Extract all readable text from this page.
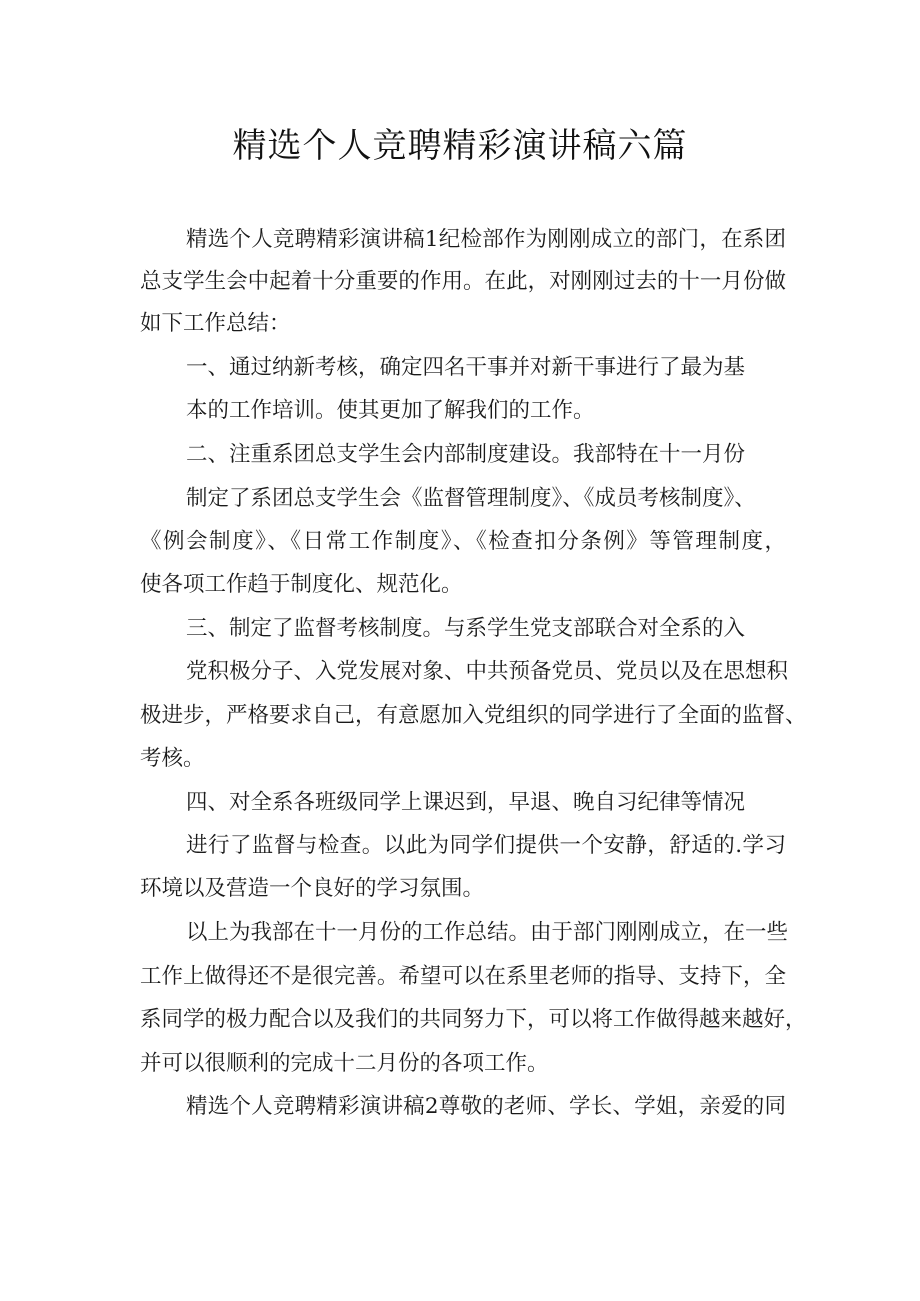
精选个人竞聘精彩演讲稿六篇
精选个人竞聘精彩演讲稿1纪检部作为刚刚成立的部门，在系团
总支学生会中起着十分重要的作用。在此，对刚刚过去的十一月份做
如下工作总结：
一、通过纳新考核，确定四名干事并对新干事进行了最为基
本的工作培训。使其更加了解我们的工作。
二、注重系团总支学生会内部制度建设。我部特在十一月份
制定了系团总支学生会《监督管理制度》、《成员考核制度》、
《例会制度》、《日常工作制度》、《检查扣分条例》等管理制度，
使各项工作趋于制度化、规范化。
三、制定了监督考核制度。与系学生党支部联合对全系的入
党积极分子、入党发展对象、中共预备党员、党员以及在思想积
极进步，严格要求自己，有意愿加入党组织的同学进行了全面的监督、
考核。
四、对全系各班级同学上课迟到，早退、晚自习纪律等情况
进行了监督与检查。以此为同学们提供一个安静，舒适的.学习
环境以及营造一个良好的学习氛围。
以上为我部在十一月份的工作总结。由于部门刚刚成立，在一些
工作上做得还不是很完善。希望可以在系里老师的指导、支持下，全
系同学的极力配合以及我们的共同努力下，可以将工作做得越来越好，
并可以很顺利的完成十二月份的各项工作。
精选个人竞聘精彩演讲稿2尊敬的老师、学长、学姐，亲爱的同
